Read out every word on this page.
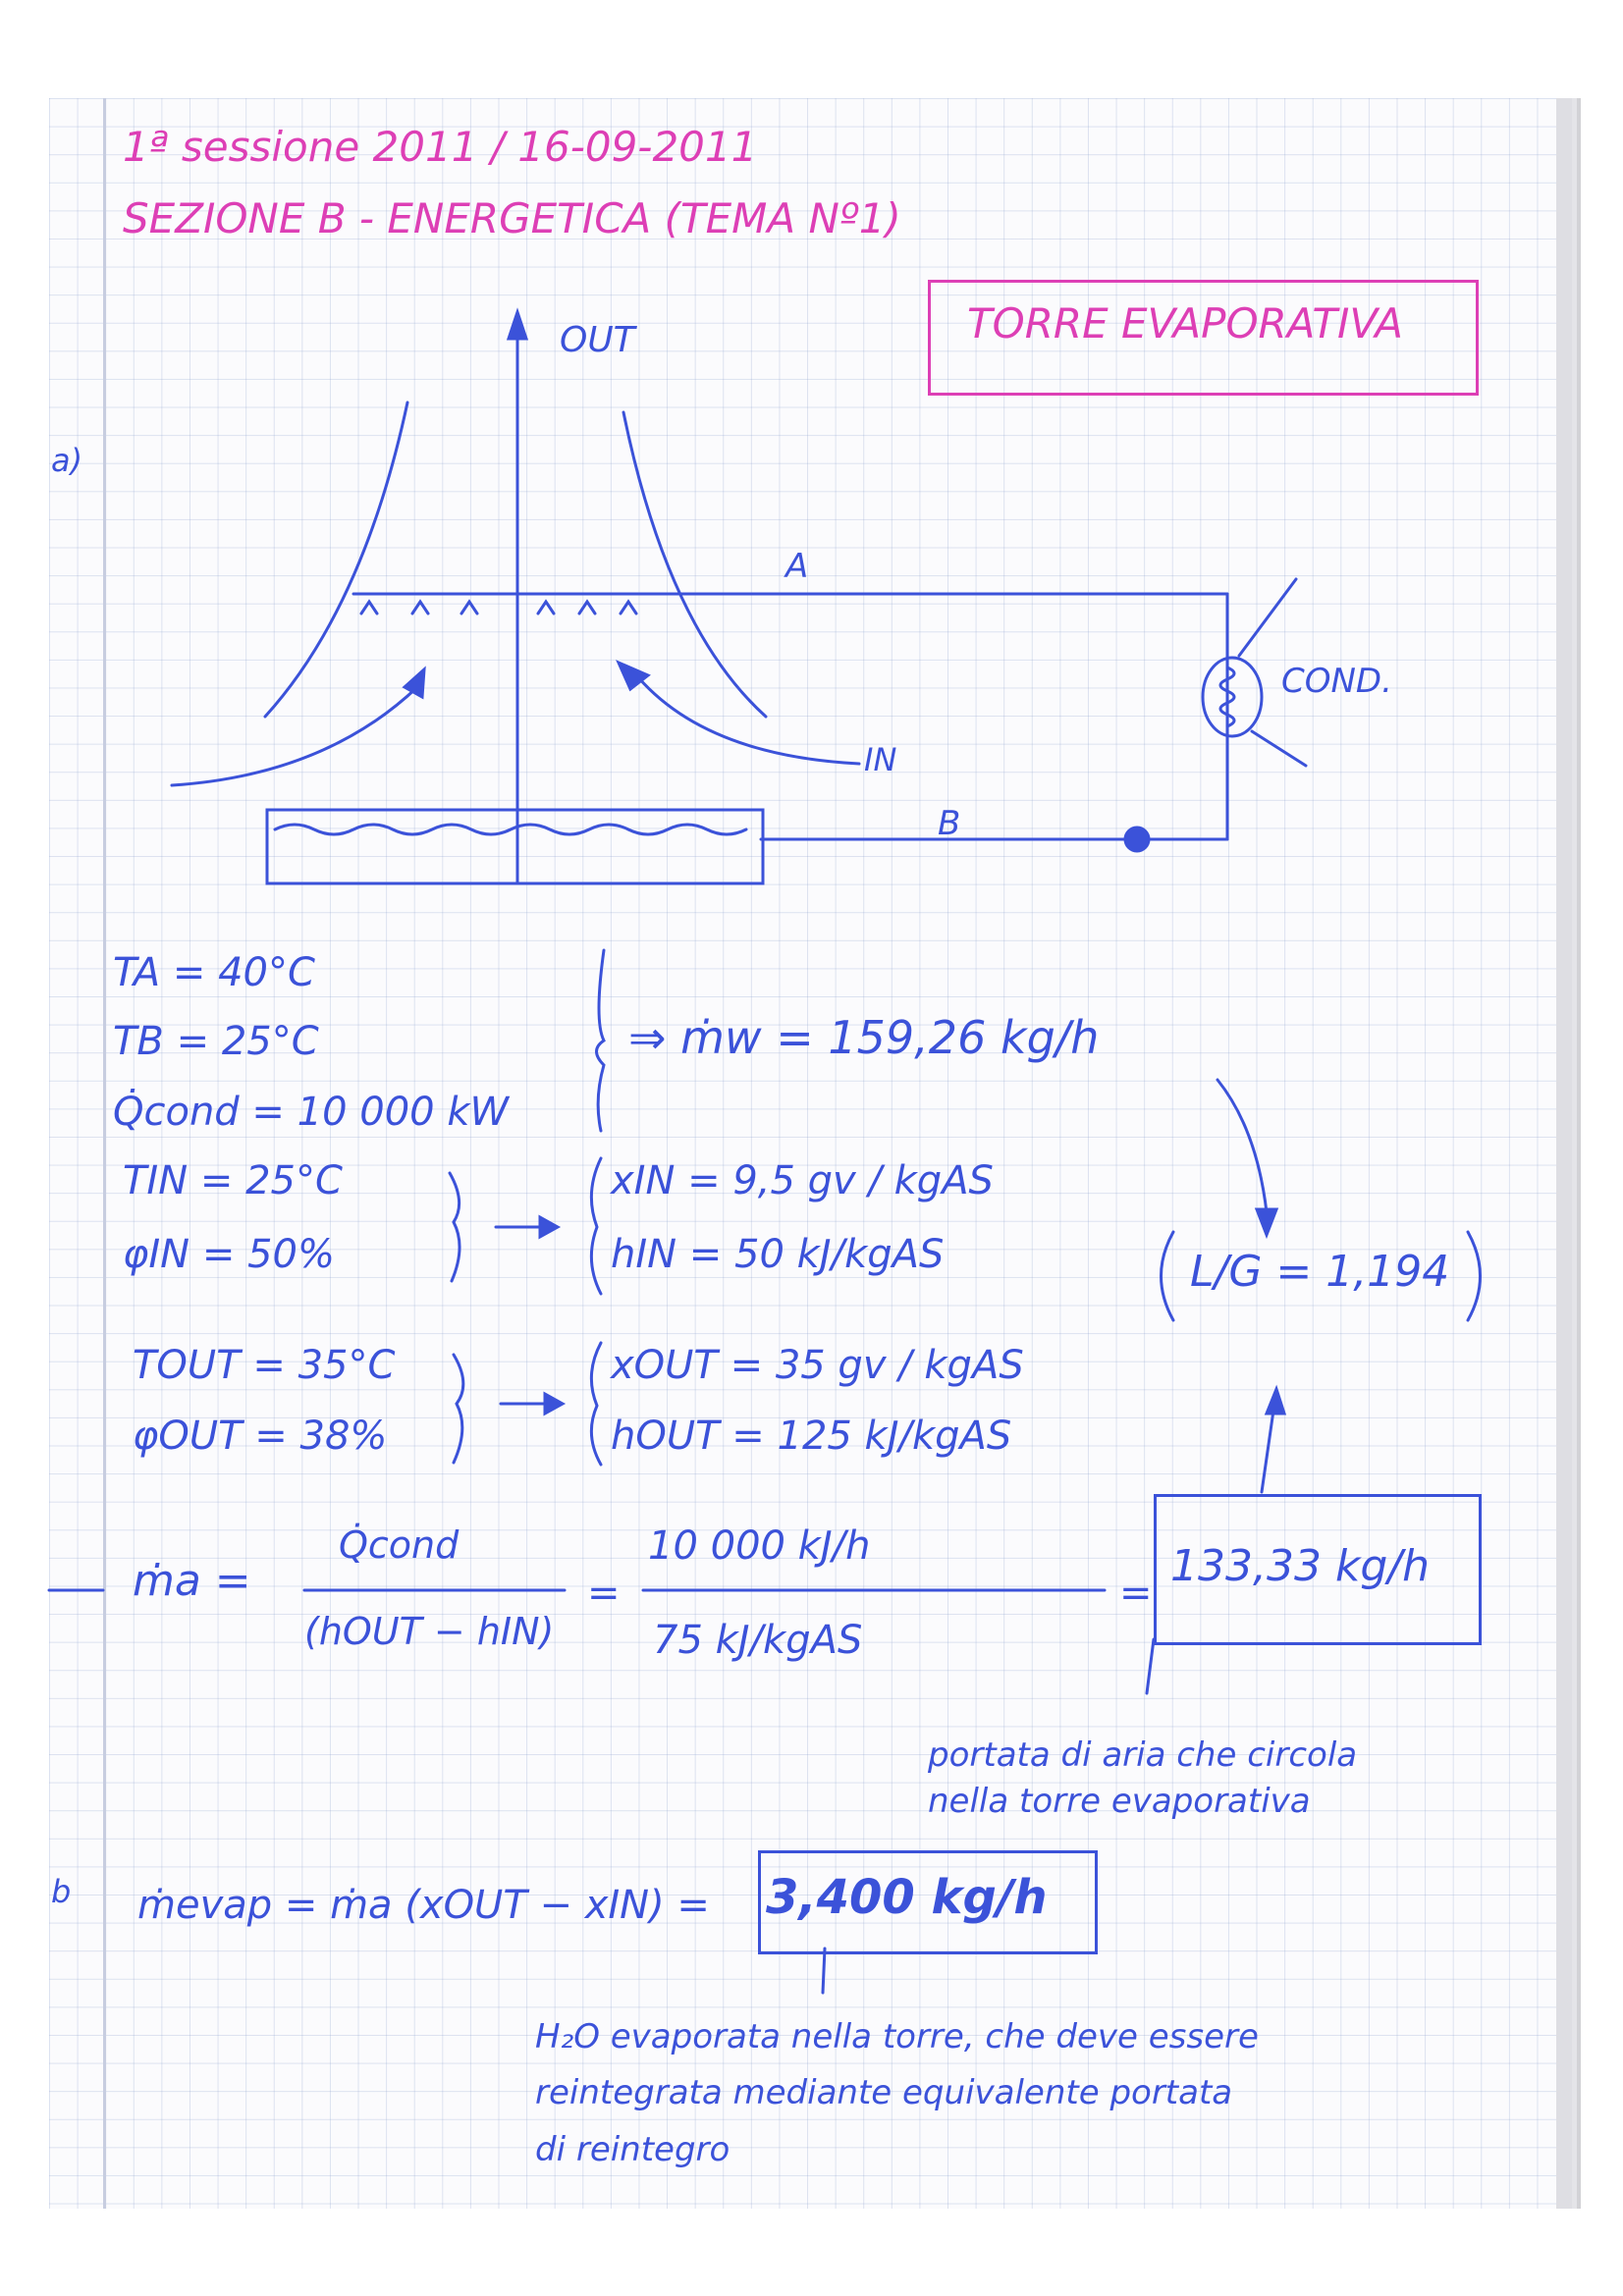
1ª sessione 2011 / 16-09-2011
SEZIONE B - ENERGETICA (TEMA Nº1)
TORRE EVAPORATIVA
a)
b
OUT
A
B
IN
COND.
TA = 40°C
TB = 25°C
Q̇cond = 10 000 kW
⇒ ṁw = 159,26 kg/h
TIN = 25°C
φIN = 50%
xIN = 9,5 gv / kgAS
hIN = 50 kJ/kgAS	L/G = 1,194
TOUT = 35°C
φOUT = 38%
xOUT = 35 gv / kgAS
hOUT = 125 kJ/kgAS
ṁa =
Q̇cond
(hOUT − hIN)
=
10 000 kJ/h
75 kJ/kgAS
=
133,33 kg/h
portata di aria che circola
nella torre evaporativa
ṁevap = ṁa (xOUT − xIN) = 3,400 kg/h
H₂O evaporata nella torre, che deve essere
reintegrata mediante equivalente portata
di reintegro
